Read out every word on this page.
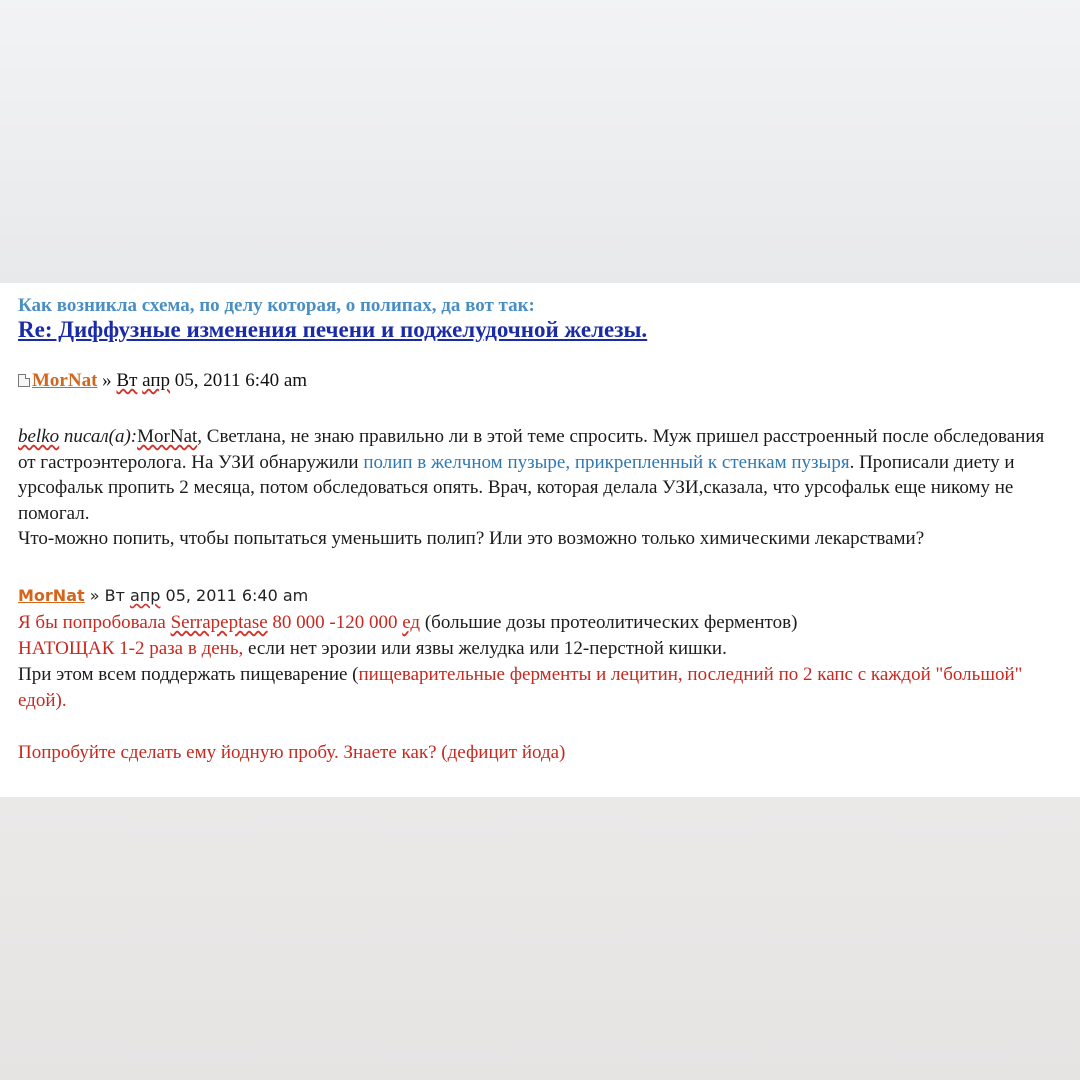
Как возникла схема, по делу которая, о полипах, да вот так:
Re: Диффузные изменения печени и поджелудочной железы.
MorNat » Вт апр 05, 2011 6:40 am
belko писал(а):MorNat, Светлана, не знаю правильно ли в этой теме спросить. Муж пришел расстроенный после обследования от гастроэнтеролога. На УЗИ обнаружили полип в желчном пузыре, прикрепленный к стенкам пузыря. Прописали диету и урсофальк пропить 2 месяца, потом обследоваться опять. Врач, которая делала УЗИ,сказала, что урсофальк еще никому не помогал.
Что-можно попить, чтобы попытаться уменьшить полип? Или это возможно только химическими лекарствами?
MorNat » Вт апр 05, 2011 6:40 am
Я бы попробовала Serrapeptase 80 000 -120 000 ед (большие дозы протеолитических ферментов)
НАТОЩАК 1-2 раза в день, если нет эрозии или язвы желудка или 12-перстной кишки.
При этом всем поддержать пищеварение (пищеварительные ферменты и лецитин, последний по 2 капс с каждой "большой" едой).
Попробуйте сделать ему йодную пробу. Знаете как? (дефицит йода)
